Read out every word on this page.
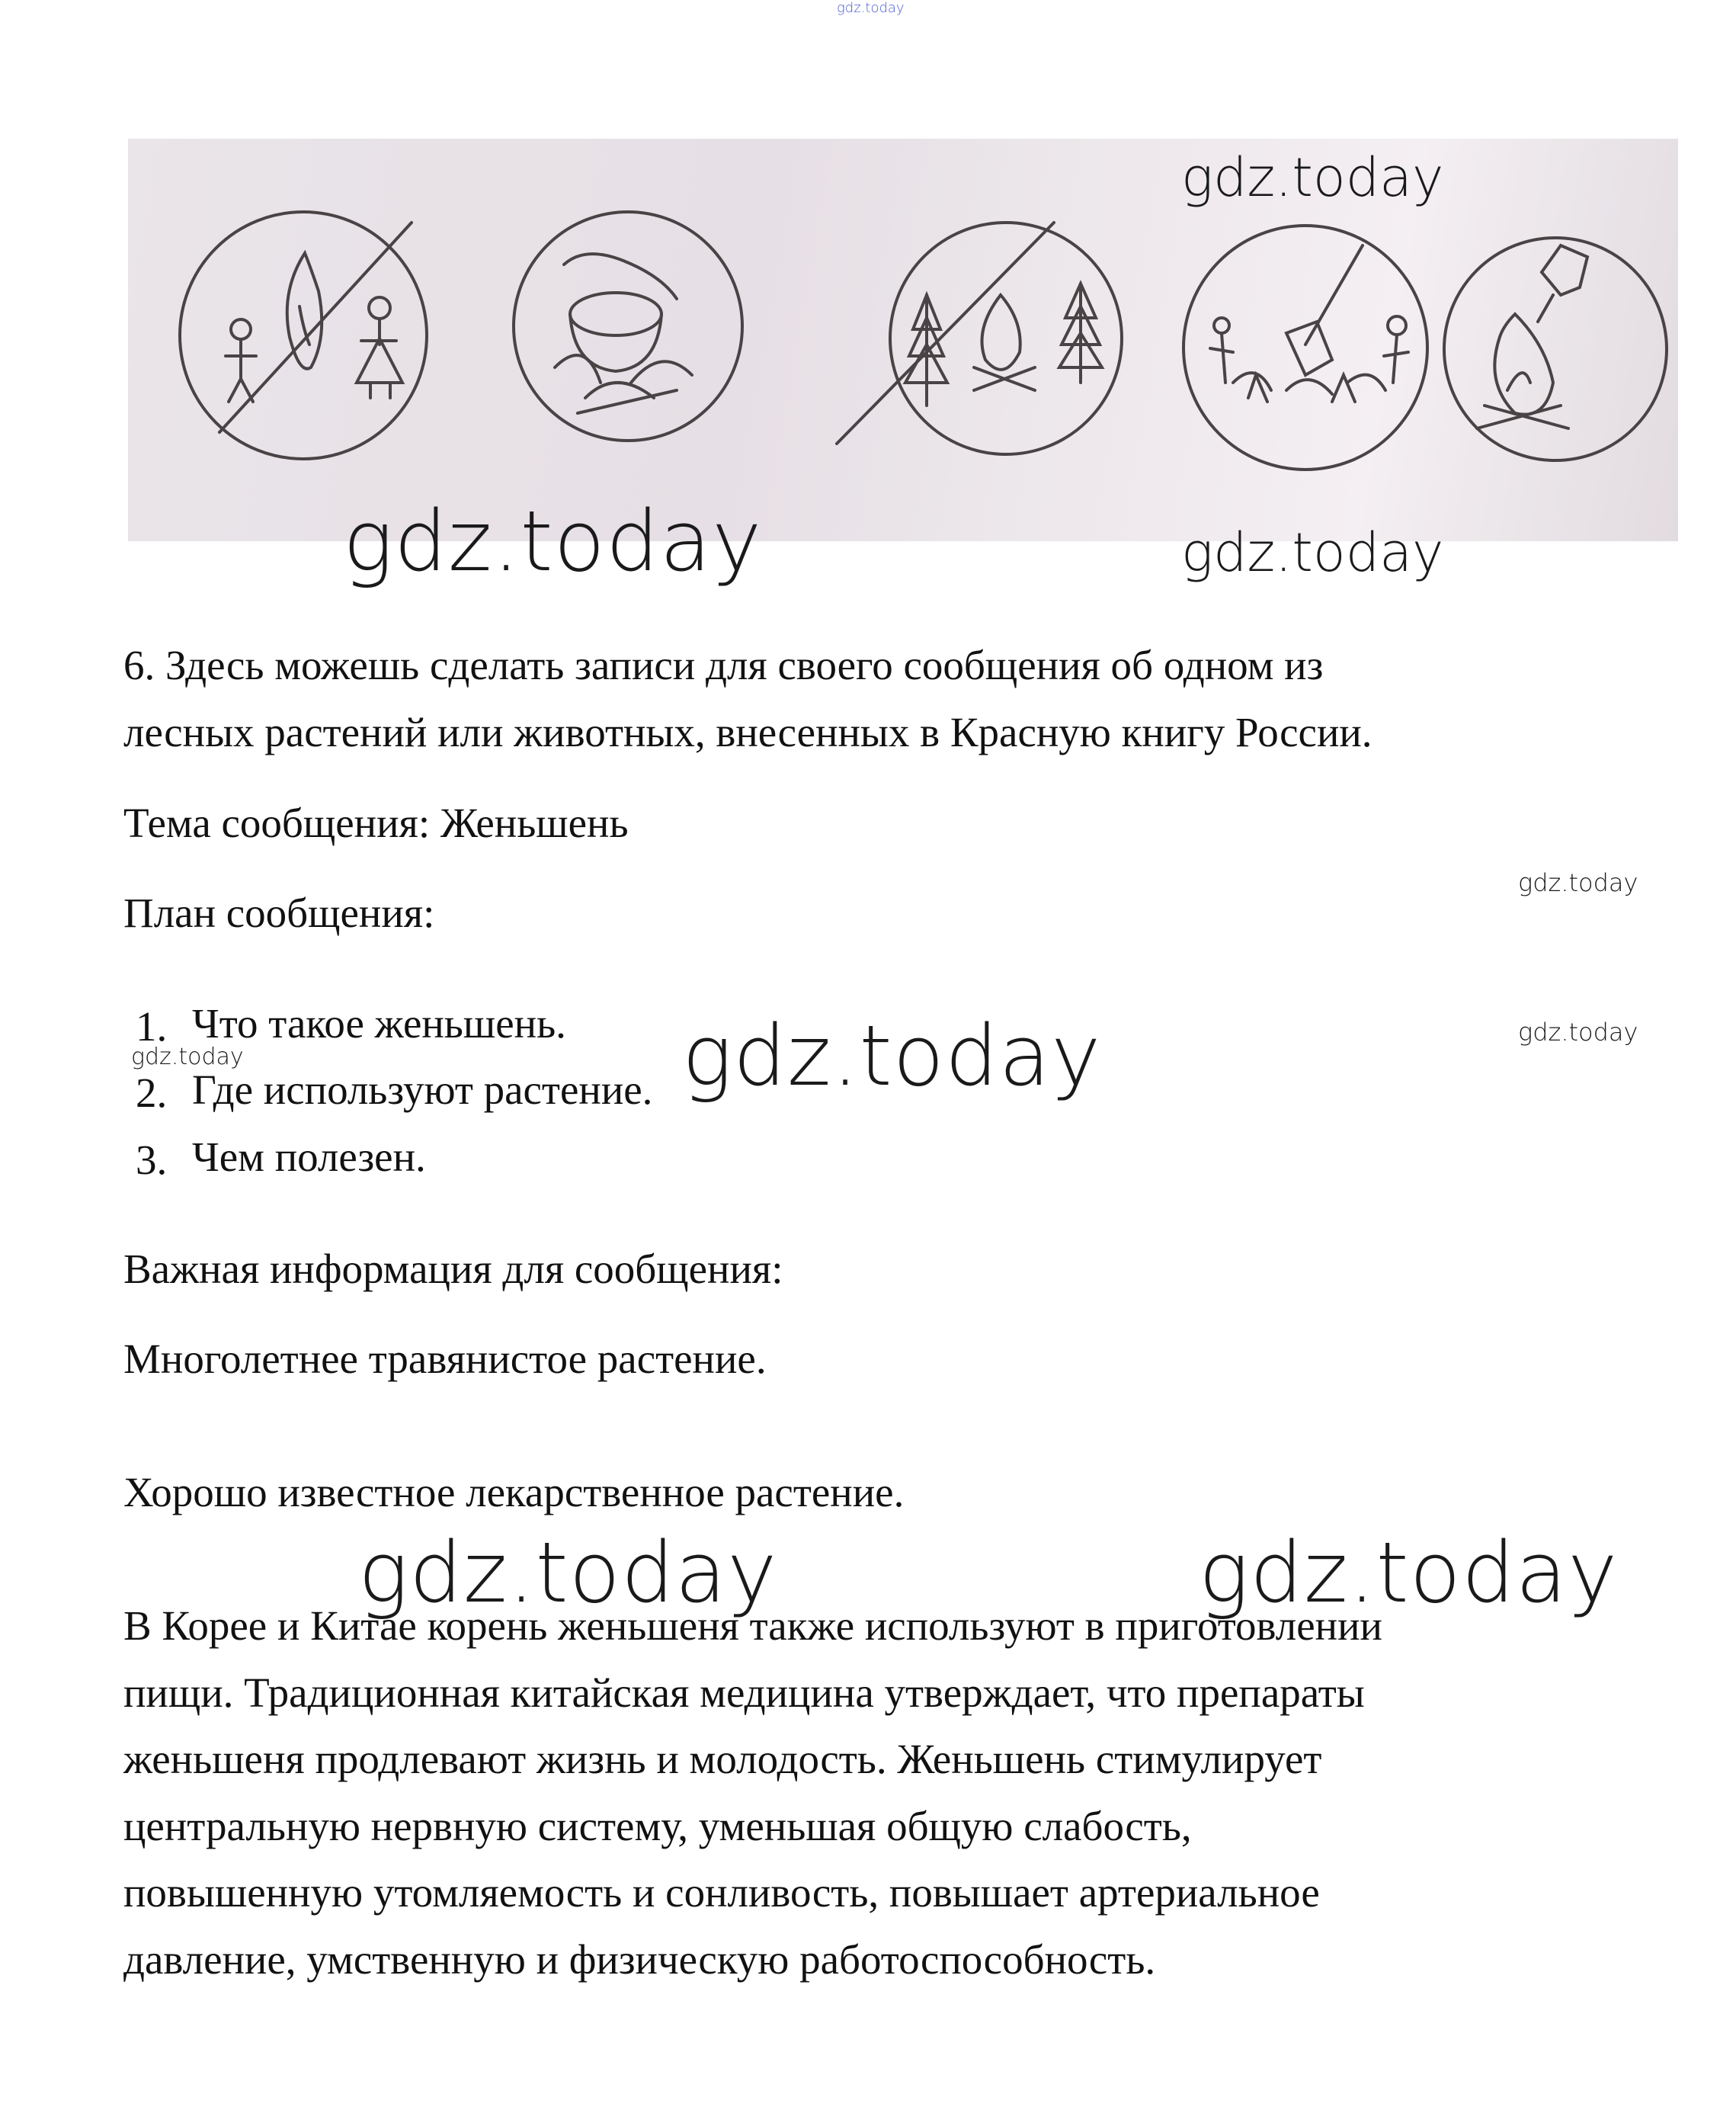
gdz.today
gdz.today
gdz.today	gdz.today
6. Здесь можешь сделать записи для своего сообщения об одном из
лесных растений или животных, внесенных в Красную книгу России.
Тема сообщения: Женьшень
gdz.today
План сообщения:
1. Что такое женьшень.
2. Где используют растение.
3. Чем полезен.
gdz.today	gdz.today	gdz.today
Важная информация для сообщения:
Многолетнее травянистое растение.
Хорошо известное лекарственное растение.
gdz.today	gdz.today
В Корее и Китае корень женьшеня также используют в приготовлении
пищи. Традиционная китайская медицина утверждает, что препараты
женьшеня продлевают жизнь и молодость. Женьшень стимулирует
центральную нервную систему, уменьшая общую слабость,
повышенную утомляемость и сонливость, повышает артериальное
давление, умственную и физическую работоспособность.
